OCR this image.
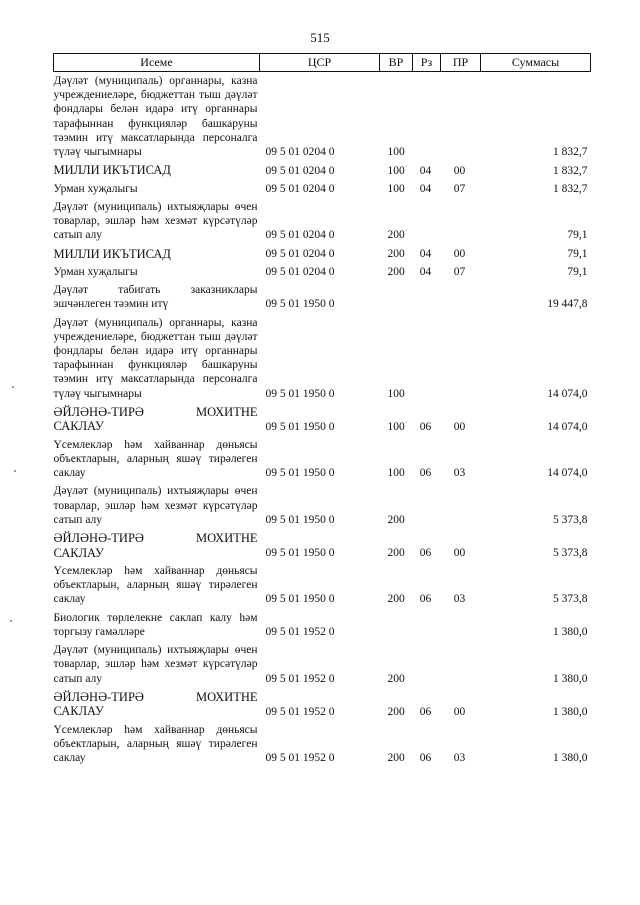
515
Исеме	ЦСР	ВР	Рз	ПР	Суммасы
Дәүләт (муниципаль) органнары, казна учреждениеләре, бюджеттан тыш дәүләт фондлары белән идарә итү органнары тарафыннан функцияләр башкаруны тәэмин итү максатларында персоналга түләү чыгымнары	09 5 01 0204 0	100			1 832,7
МИЛЛИ ИКЪТИСАД	09 5 01 0204 0	100	04	00	1 832,7
Урман хуҗалыгы	09 5 01 0204 0	100	04	07	1 832,7
Дәүләт (муниципаль) ихтыяҗлары өчен товарлар, эшләр һәм хезмәт күрсәтүләр сатып алу	09 5 01 0204 0	200			79,1
МИЛЛИ ИКЪТИСАД	09 5 01 0204 0	200	04	00	79,1
Урман хуҗалыгы	09 5 01 0204 0	200	04	07	79,1
Дәүләт табигать заказниклары эшчәнлеген тәэмин итү	09 5 01 1950 0				19 447,8
Дәүләт (муниципаль) органнары, казна учреждениеләре, бюджеттан тыш дәүләт фондлары белән идарә итү органнары тарафыннан функцияләр башкаруны тәэмин итү максатларында персоналга түләү чыгымнары	09 5 01 1950 0	100			14 074,0
ӘЙЛӘНӘ-ТИРӘ МОХИТНЕ САКЛАУ	09 5 01 1950 0	100	06	00	14 074,0
Үсемлекләр һәм хайваннар дөньясы объектларын, аларның яшәү тирәлеген саклау	09 5 01 1950 0	100	06	03	14 074,0
Дәүләт (муниципаль) ихтыяҗлары өчен товарлар, эшләр һәм хезмәт күрсәтүләр сатып алу	09 5 01 1950 0	200			5 373,8
ӘЙЛӘНӘ-ТИРӘ МОХИТНЕ САКЛАУ	09 5 01 1950 0	200	06	00	5 373,8
Үсемлекләр һәм хайваннар дөньясы объектларын, аларның яшәү тирәлеген саклау	09 5 01 1950 0	200	06	03	5 373,8
Биологик төрлелекне саклап калу һәм торгызу гамәлләре	09 5 01 1952 0				1 380,0
Дәүләт (муниципаль) ихтыяҗлары өчен товарлар, эшләр һәм хезмәт күрсәтүләр сатып алу	09 5 01 1952 0	200			1 380,0
ӘЙЛӘНӘ-ТИРӘ МОХИТНЕ САКЛАУ	09 5 01 1952 0	200	06	00	1 380,0
Үсемлекләр һәм хайваннар дөньясы объектларын, аларның яшәү тирәлеген саклау	09 5 01 1952 0	200	06	03	1 380,0
